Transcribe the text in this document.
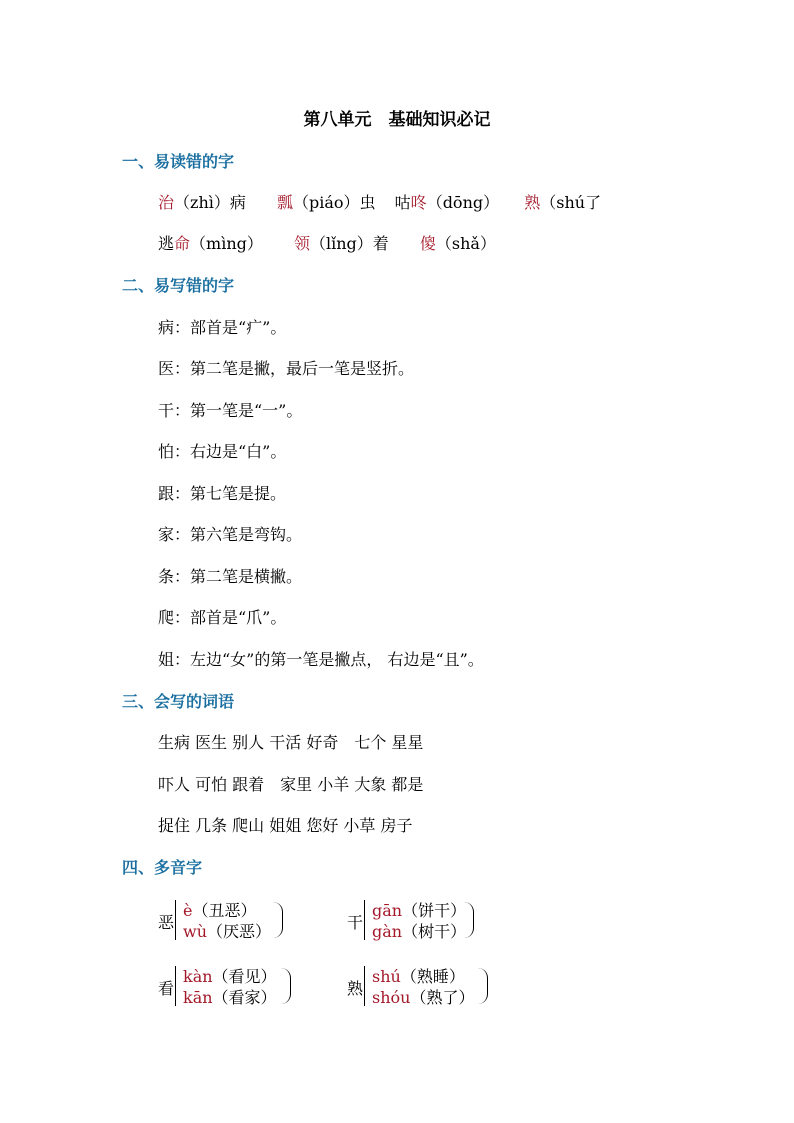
第八单元　基础知识必记
一、易读错的字
治（zhì）病 瓢（piáo）虫 咕咚（dōng） 熟（shú了
逃命（mìng） 领（lǐng）着 傻（shǎ）
二、易写错的字
病：部首是“疒”。
医：第二笔是撇，最后一笔是竖折。
干：第一笔是“一”。
怕：右边是“白”。
跟：第七笔是提。
家：第六笔是弯钩。
条：第二笔是横撇。
爬：部首是“爪”。
姐：左边“女”的第一笔是撇点， 右边是“且”。
三、会写的词语
生病 医生 别人 干活 好奇　七个 星星
吓人 可怕 跟着　家里 小羊 大象 都是
捉住 几条 爬山 姐姐 您好 小草 房子
四、多音字
恶
è（丑恶）
wù（厌恶）	干
gān（饼干）
gàn（树干）
看
kàn（看见）
kān（看家）	熟
shú（熟睡）
shóu（熟了）
